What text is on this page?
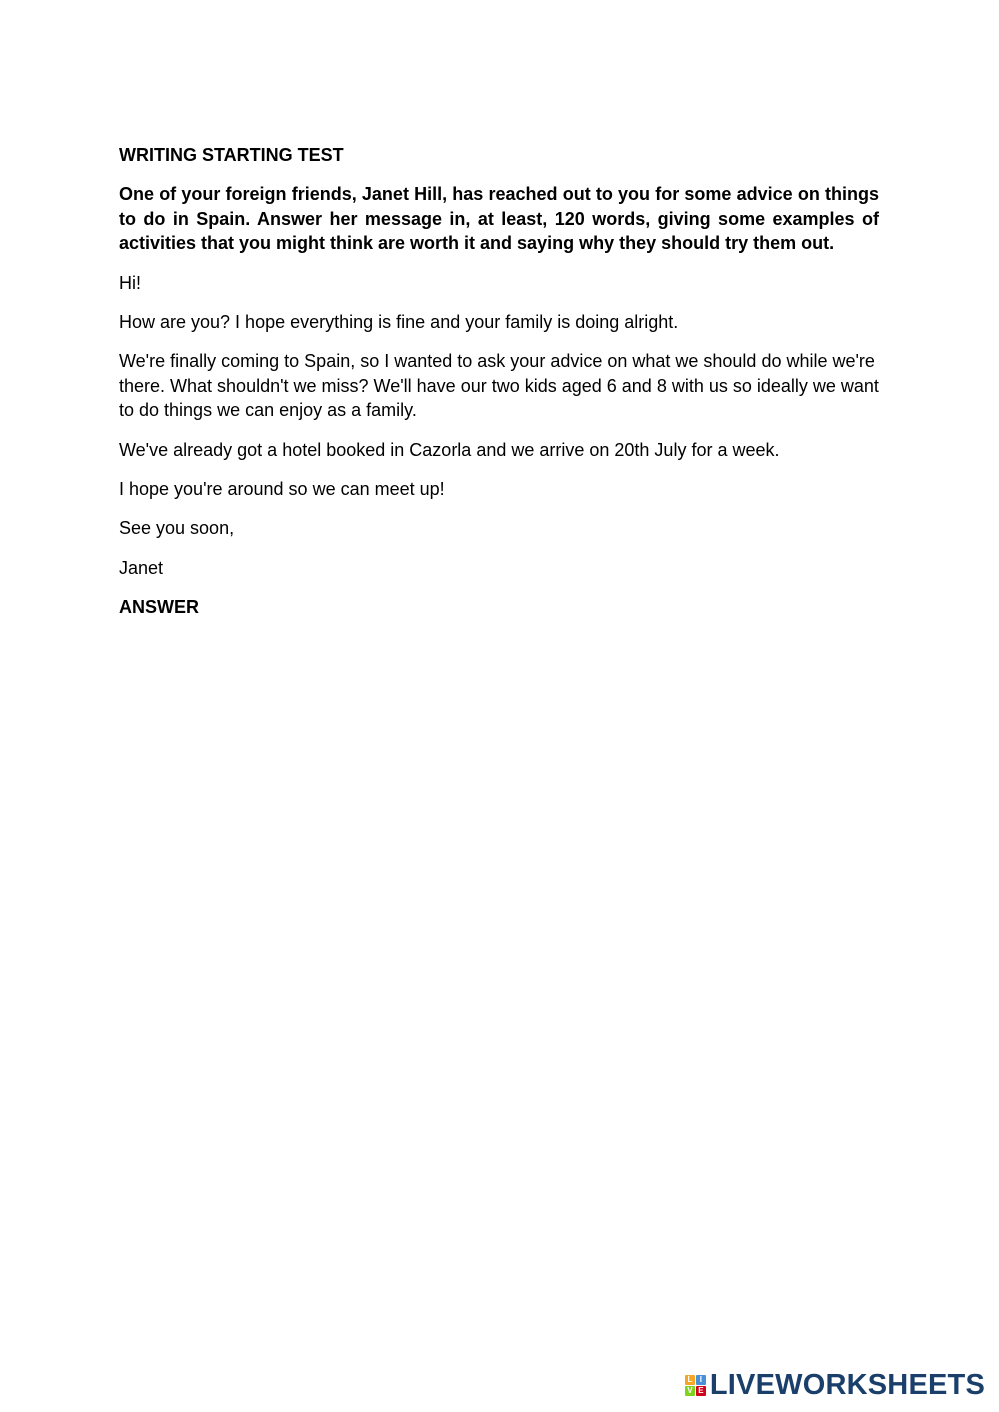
WRITING STARTING TEST

One of your foreign friends, Janet Hill, has reached out to you for some advice on things to do in Spain. Answer her message in, at least, 120 words, giving some examples of activities that you might think are worth it and saying why they should try them out.

Hi!

How are you? I hope everything is fine and your family is doing alright.

We're finally coming to Spain, so I wanted to ask your advice on what we should do while we're there. What shouldn't we miss? We'll have our two kids aged 6 and 8 with us so ideally we want to do things we can enjoy as a family.

We've already got a hotel booked in Cazorla and we arrive on 20th July for a week.

I hope you're around so we can meet up!

See you soon,

Janet

ANSWER

L I
V E LIVEWORKSHEETS
